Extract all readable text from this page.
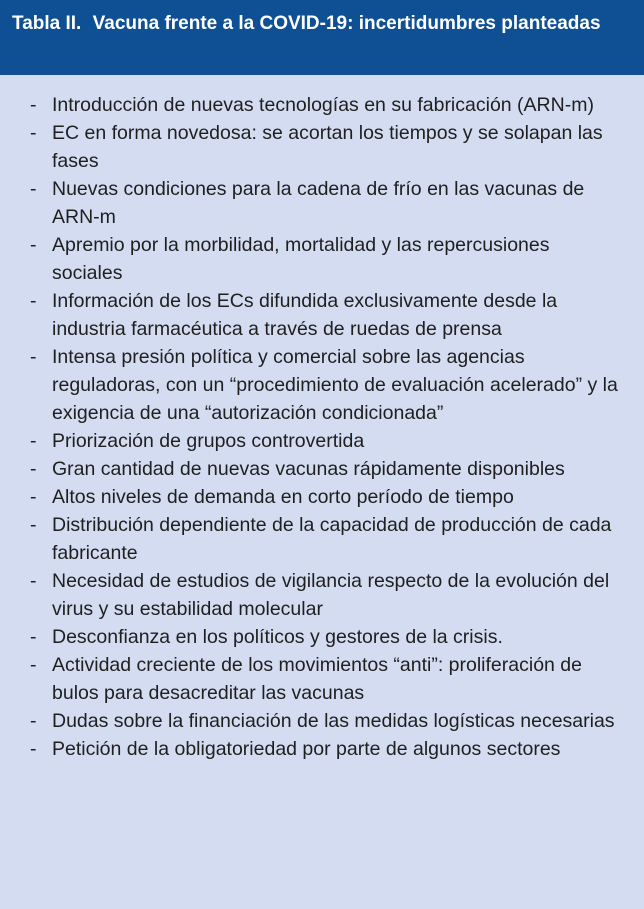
Tabla II. Vacuna frente a la COVID-19: incertidumbres planteadas
- Introducción de nuevas tecnologías en su fabricación (ARN-m)
- EC en forma novedosa: se acortan los tiempos y se solapan las fases
- Nuevas condiciones para la cadena de frío en las vacunas de ARN-m
- Apremio por la morbilidad, mortalidad y las repercusiones sociales
- Información de los ECs difundida exclusivamente desde la industria farmacéutica a través de ruedas de prensa
- Intensa presión política y comercial sobre las agencias reguladoras, con un “procedimiento de evaluación acelerado” y la exigencia de una “autorización condicionada”
- Priorización de grupos controvertida
- Gran cantidad de nuevas vacunas rápidamente disponibles
- Altos niveles de demanda en corto período de tiempo
- Distribución dependiente de la capacidad de producción de cada fabricante
- Necesidad de estudios de vigilancia respecto de la evolución del virus y su estabilidad molecular
- Desconfianza en los políticos y gestores de la crisis.
- Actividad creciente de los movimientos “anti”: proliferación de bulos para desacreditar las vacunas
- Dudas sobre la financiación de las medidas logísticas necesarias
- Petición de la obligatoriedad por parte de algunos sectores
